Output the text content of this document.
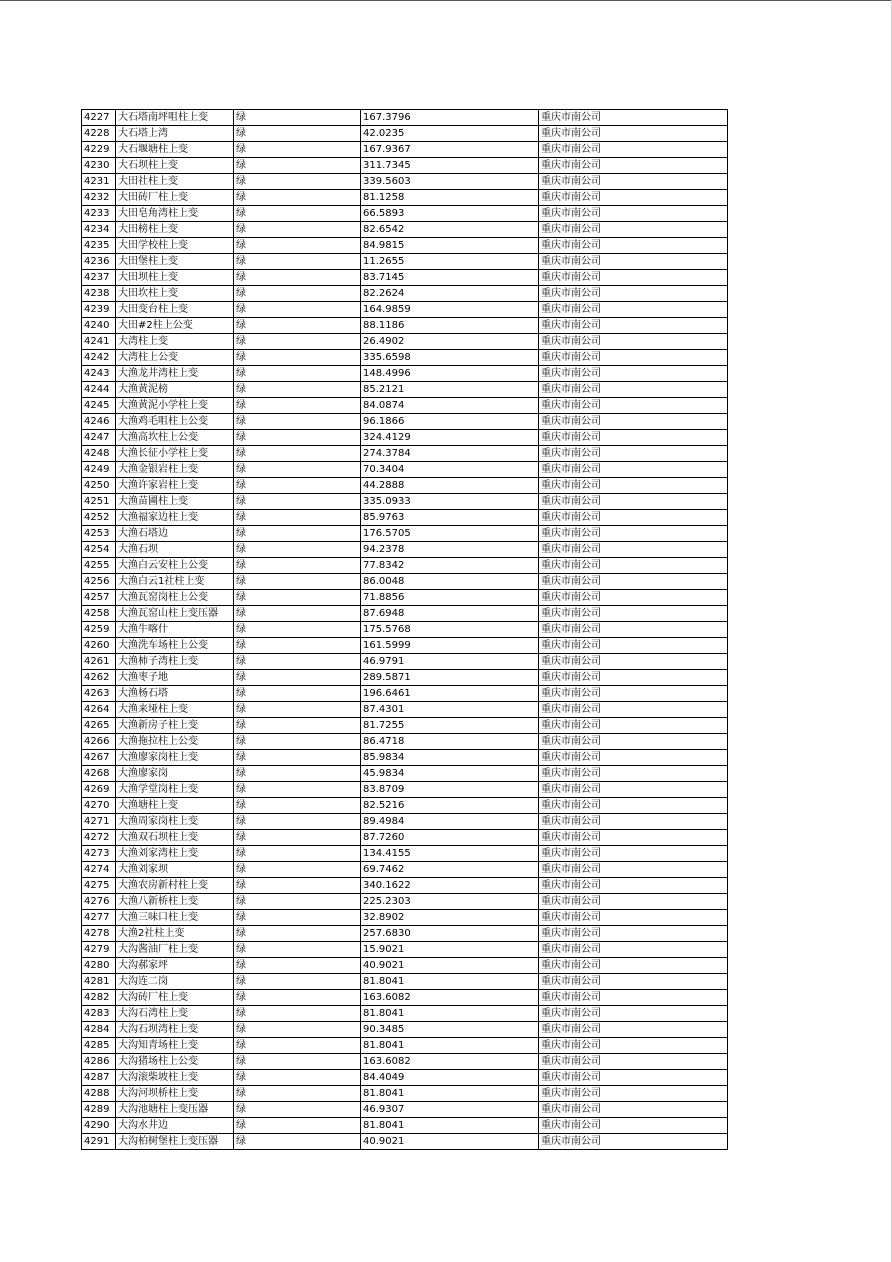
4227	大石塔南坪咀柱上变	绿	167.3796	重庆市南公司
4228	大石塔上湾	绿	42.0235	重庆市南公司
4229	大石堰塘柱上变	绿	167.9367	重庆市南公司
4230	大石坝柱上变	绿	311.7345	重庆市南公司
4231	大田社柱上变	绿	339.5603	重庆市南公司
4232	大田砖厂柱上变	绿	81.1258	重庆市南公司
4233	大田皂角湾柱上变	绿	66.5893	重庆市南公司
4234	大田榜柱上变	绿	82.6542	重庆市南公司
4235	大田学校柱上变	绿	84.9815	重庆市南公司
4236	大田堡柱上变	绿	11.2655	重庆市南公司
4237	大田坝柱上变	绿	83.7145	重庆市南公司
4238	大田坎柱上变	绿	82.2624	重庆市南公司
4239	大田变台柱上变	绿	164.9859	重庆市南公司
4240	大田#2柱上公变	绿	88.1186	重庆市南公司
4241	大湾柱上变	绿	26.4902	重庆市南公司
4242	大湾柱上公变	绿	335.6598	重庆市南公司
4243	大渔龙井湾柱上变	绿	148.4996	重庆市南公司
4244	大渔黄泥榜	绿	85.2121	重庆市南公司
4245	大渔黄泥小学柱上变	绿	84.0874	重庆市南公司
4246	大渔鸡毛咀柱上公变	绿	96.1866	重庆市南公司
4247	大渔高坎柱上公变	绿	324.4129	重庆市南公司
4248	大渔长征小学柱上变	绿	274.3784	重庆市南公司
4249	大渔金银岩柱上变	绿	70.3404	重庆市南公司
4250	大渔许家岩柱上变	绿	44.2888	重庆市南公司
4251	大渔苗圃柱上变	绿	335.0933	重庆市南公司
4252	大渔福家边柱上变	绿	85.9763	重庆市南公司
4253	大渔石塔边	绿	176.5705	重庆市南公司
4254	大渔石坝	绿	94.2378	重庆市南公司
4255	大渔白云安柱上公变	绿	77.8342	重庆市南公司
4256	大渔白云1社柱上变	绿	86.0048	重庆市南公司
4257	大渔瓦窑岗柱上公变	绿	71.8856	重庆市南公司
4258	大渔瓦窑山柱上变压器	绿	87.6948	重庆市南公司
4259	大渔牛喀什	绿	175.5768	重庆市南公司
4260	大渔洗车场柱上公变	绿	161.5999	重庆市南公司
4261	大渔柿子湾柱上变	绿	46.9791	重庆市南公司
4262	大渔枣子地	绿	289.5871	重庆市南公司
4263	大渔杨石塔	绿	196.6461	重庆市南公司
4264	大渔来垭柱上变	绿	87.4301	重庆市南公司
4265	大渔新房子柱上变	绿	81.7255	重庆市南公司
4266	大渔拖拉柱上公变	绿	86.4718	重庆市南公司
4267	大渔廖家岗柱上变	绿	85.9834	重庆市南公司
4268	大渔廖家岗	绿	45.9834	重庆市南公司
4269	大渔学堂岗柱上变	绿	83.8709	重庆市南公司
4270	大渔塘柱上变	绿	82.5216	重庆市南公司
4271	大渔周家岗柱上变	绿	89.4984	重庆市南公司
4272	大渔双石坝柱上变	绿	87.7260	重庆市南公司
4273	大渔刘家湾柱上变	绿	134.4155	重庆市南公司
4274	大渔刘家坝	绿	69.7462	重庆市南公司
4275	大渔农房新村柱上变	绿	340.1622	重庆市南公司
4276	大渔八新桥柱上变	绿	225.2303	重庆市南公司
4277	大渔三味口柱上变	绿	32.8902	重庆市南公司
4278	大渔2社柱上变	绿	257.6830	重庆市南公司
4279	大沟酱油厂柱上变	绿	15.9021	重庆市南公司
4280	大沟郝家坪	绿	40.9021	重庆市南公司
4281	大沟连二岗	绿	81.8041	重庆市南公司
4282	大沟砖厂柱上变	绿	163.6082	重庆市南公司
4283	大沟石湾柱上变	绿	81.8041	重庆市南公司
4284	大沟石坝湾柱上变	绿	90.3485	重庆市南公司
4285	大沟知青场柱上变	绿	81.8041	重庆市南公司
4286	大沟猪场柱上公变	绿	163.6082	重庆市南公司
4287	大沟滚柴坡柱上变	绿	84.4049	重庆市南公司
4288	大沟河坝桥柱上变	绿	81.8041	重庆市南公司
4289	大沟池塘柱上变压器	绿	46.9307	重庆市南公司
4290	大沟水井边	绿	81.8041	重庆市南公司
4291	大沟柏树堡柱上变压器	绿	40.9021	重庆市南公司
